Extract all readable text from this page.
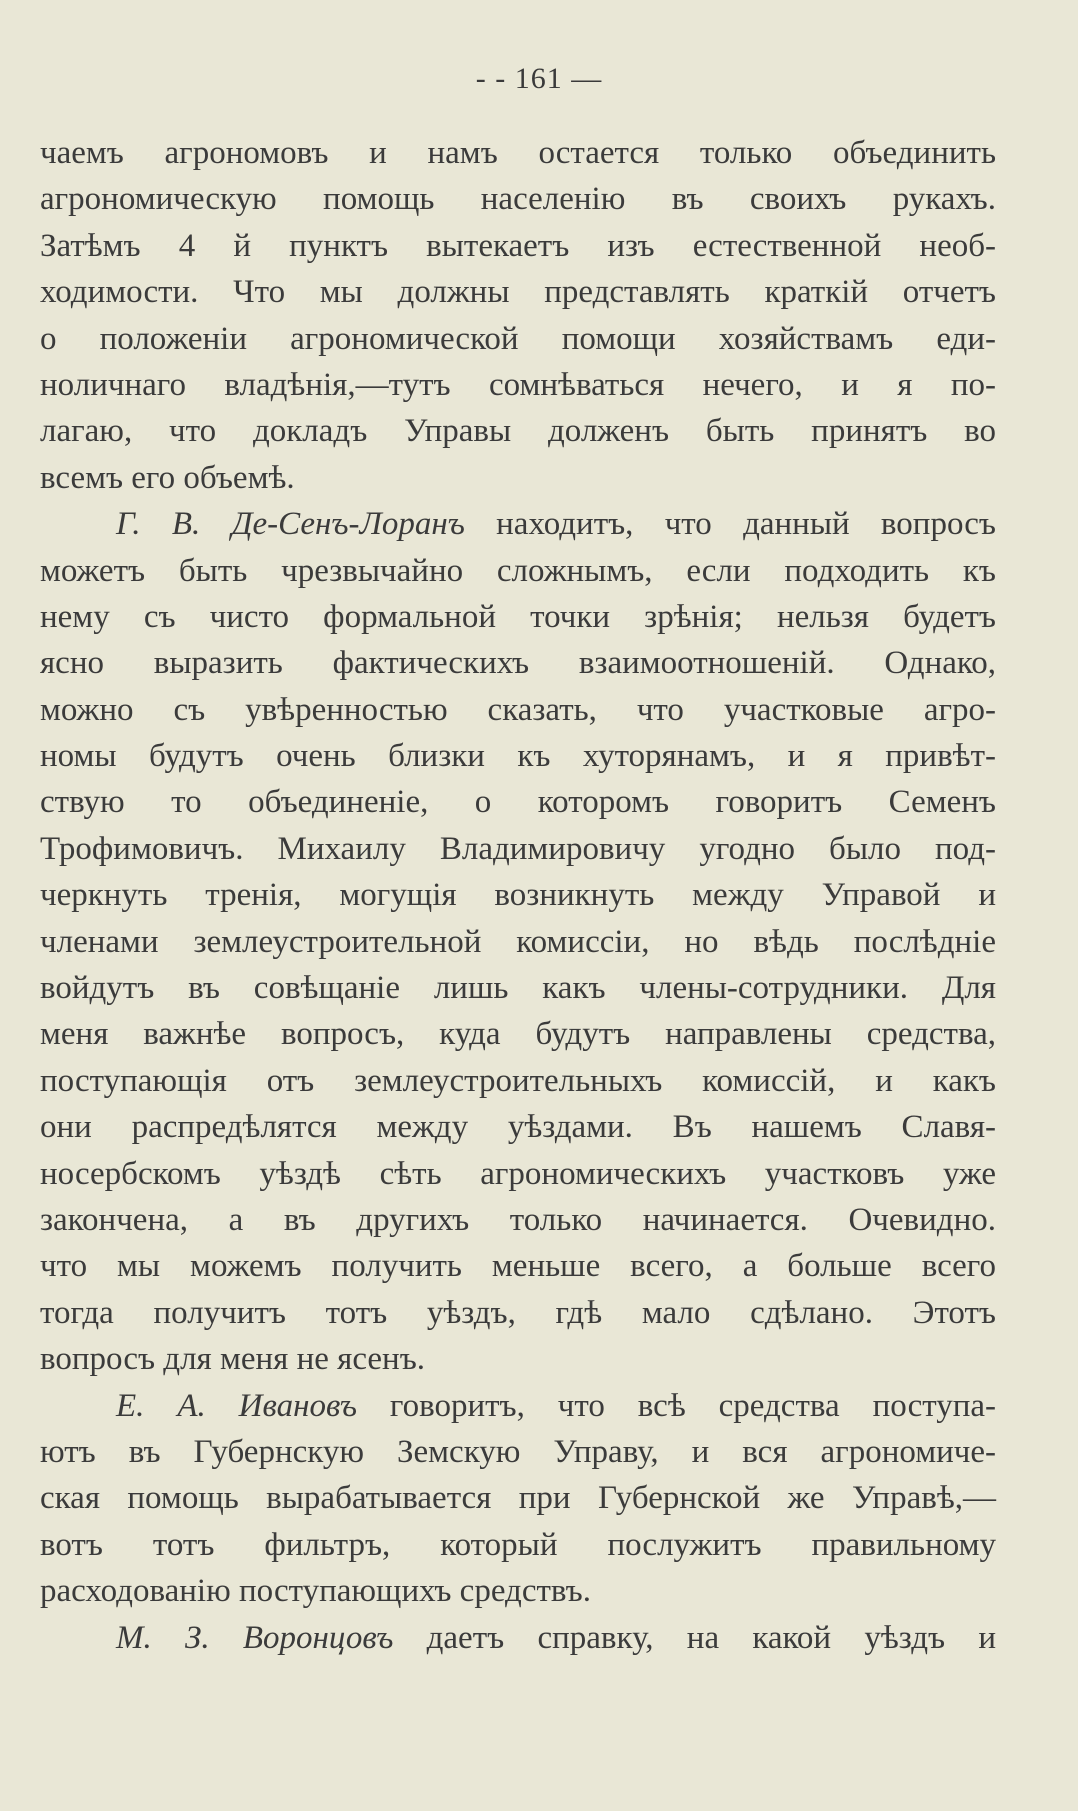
- - 161 —
чаемъ агрономовъ и намъ остается только объединить
агрономическую помощь населенію въ своихъ рукахъ.
Затѣмъ 4 й пунктъ вытекаетъ изъ естественной необ-
ходимости. Что мы должны представлять краткій отчетъ
о положеніи агрономической помощи хозяйствамъ еди-
ноличнаго владѣнія,—тутъ сомнѣваться нечего, и я по-
лагаю, что докладъ Управы долженъ быть принятъ во
всемъ его объемѣ.
Г. В. Де-Сенъ-Лоранъ находитъ, что данный вопросъ
можетъ быть чрезвычайно сложнымъ, если подходить къ
нему съ чисто формальной точки зрѣнія; нельзя будетъ
ясно выразить фактическихъ взаимоотношеній. Однако,
можно съ увѣренностью сказать, что участковые агро-
номы будутъ очень близки къ хуторянамъ, и я привѣт-
ствую то объединеніе, о которомъ говоритъ Семенъ
Трофимовичъ. Михаилу Владимировичу угодно было под-
черкнуть тренія, могущія возникнуть между Управой и
членами землеустроительной комиссіи, но вѣдь послѣдніе
войдутъ въ совѣщаніе лишь какъ члены-сотрудники. Для
меня важнѣе вопросъ, куда будутъ направлены средства,
поступающія отъ землеустроительныхъ комиссій, и какъ
они распредѣлятся между уѣздами. Въ нашемъ Славя-
носербскомъ уѣздѣ сѣть агрономическихъ участковъ уже
закончена, а въ другихъ только начинается. Очевидно.
что мы можемъ получить меньше всего, а больше всего
тогда получитъ тотъ уѣздъ, гдѣ мало сдѣлано. Этотъ
вопросъ для меня не ясенъ.
Е. А. Ивановъ говоритъ, что всѣ средства поступа-
ютъ въ Губернскую Земскую Управу, и вся агрономиче-
ская помощь вырабатывается при Губернской же Управѣ,—
вотъ тотъ фильтръ, который послужитъ правильному
расходованію поступающихъ средствъ.
М. З. Воронцовъ даетъ справку, на какой уѣздъ и
